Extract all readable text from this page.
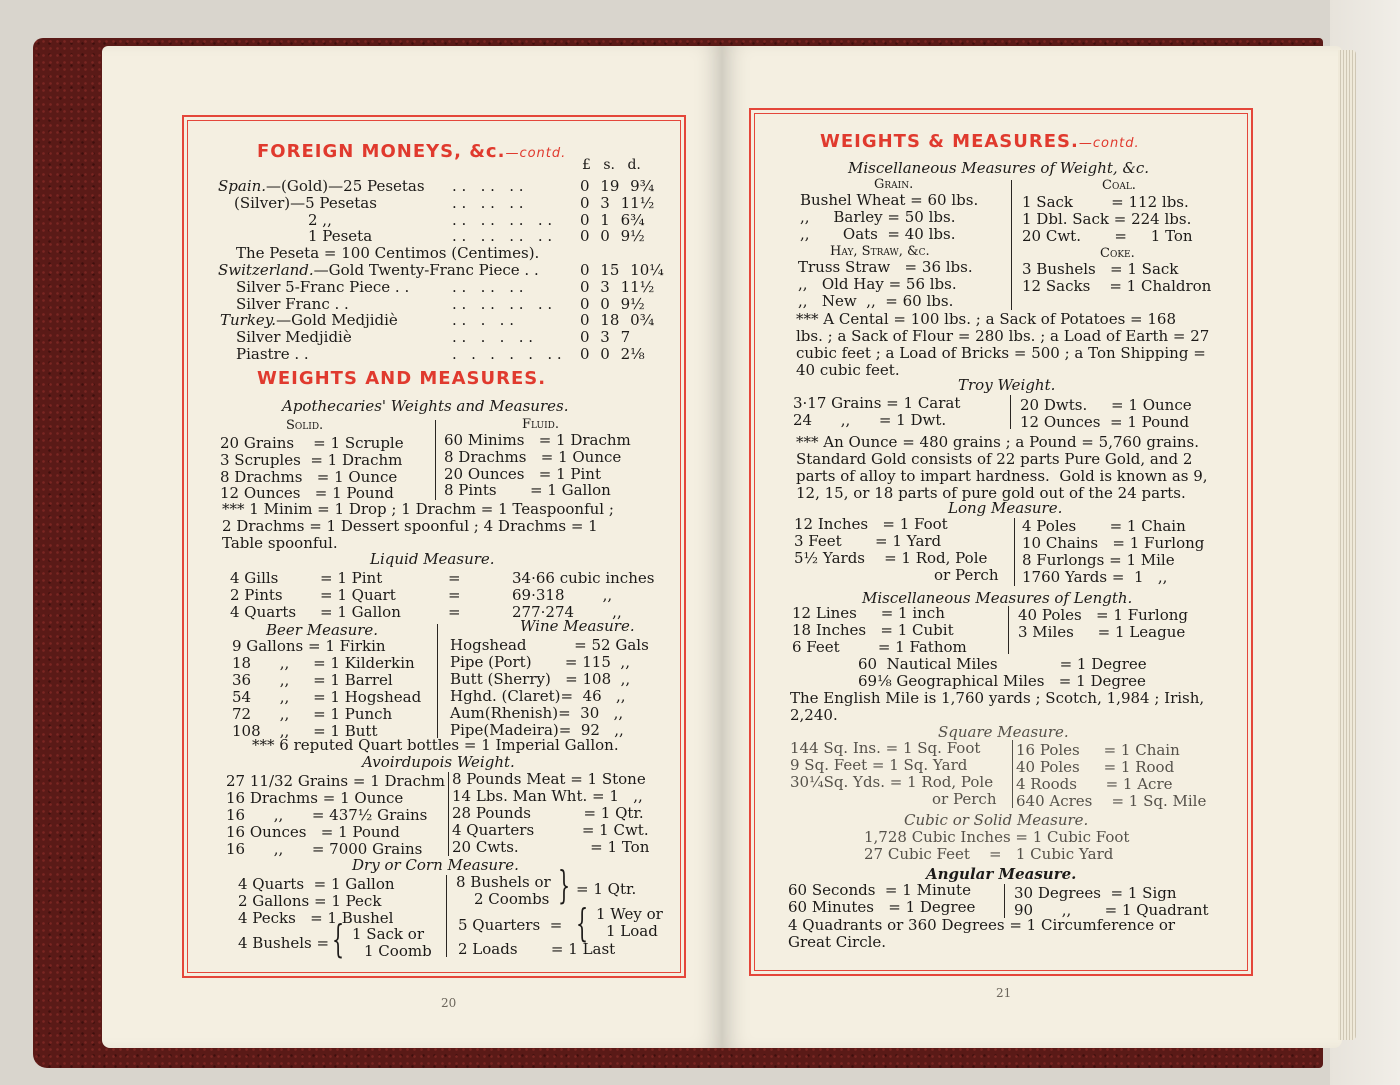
FOREIGN MONEYS, &c.—contd.
£ s. d.
Spain.—(Gold)—25 Pesetas . .   . .   . .	0 19 9¾
(Silver)—5 Pesetas	. .   . .   . .	0 3 11½
2 ,,	. .   . .   . .   . . 0 1 6¾
1 Peseta	. .   . .   . .   . . 0 0 9½
The Peseta = 100 Centimos (Centimes).
Switzerland.—Gold Twenty-Franc Piece . .	0 15 10¼
Silver 5-Franc Piece . .	. .   . .   . .	0 3 11½
Silver Franc . .	. .   . .   . .   . . 0 0 9½
Turkey.—Gold Medjidiè	. .   .   . .	0 18 0¾
Silver Medjidiè	. .   .   .   . .	0 3 7
Piastre . .	.   .   .   .   .   . . 0 0 2⅛
WEIGHTS AND MEASURES.
Apothecaries' Weights and Measures.
Solid.	Fluid.
20 Grains    = 1 Scruple
3 Scruples  = 1 Drachm
8 Drachms   = 1 Ounce
12 Ounces   = 1 Pound
60 Minims   = 1 Drachm
8 Drachms   = 1 Ounce
20 Ounces   = 1 Pint
8 Pints       = 1 Gallon
*** 1 Minim = 1 Drop ; 1 Drachm = 1 Teaspoonful ;
2 Drachms = 1 Dessert spoonful ; 4 Drachms = 1
Table spoonful.
Liquid Measure.
4 Gills	= 1 Pint	=	34·66 cubic inches
2 Pints = 1 Quart	=	69·318        ,,
4 Quarts = 1 Gallon	=	277·274        ,,
Beer Measure.	Wine Measure.
9 Gallons = 1 Firkin
18      ,,     = 1 Kilderkin
36      ,,     = 1 Barrel
54      ,,     = 1 Hogshead
72      ,,     = 1 Punch
108    ,,     = 1 Butt
Hogshead          = 52 Gals
Pipe (Port)       = 115  ,,
Butt (Sherry)   = 108  ,,
Hghd. (Claret)=  46   ,,
Aum(Rhenish)=  30   ,,
Pipe(Madeira)=  92   ,,
*** 6 reputed Quart bottles = 1 Imperial Gallon.
Avoirdupois Weight.
27 11/32 Grains = 1 Drachm
16 Drachms = 1 Ounce
16      ,,      = 437½ Grains
16 Ounces   = 1 Pound
16      ,,      = 7000 Grains
8 Pounds Meat = 1 Stone
14 Lbs. Man Wht. = 1   ,,
28 Pounds           = 1 Qtr.
4 Quarters          = 1 Cwt.
20 Cwts.               = 1 Ton
Dry or Corn Measure.
4 Quarts  = 1 Gallon
2 Gallons = 1 Peck
4 Pecks   = 1 Bushel
4 Bushels = { 1 Sack or
1 Coomb
8 Bushels or
2 Coombs } = 1 Qtr.
5 Quarters  = { 1 Wey or
1 Load
2 Loads       = 1 Last
20
WEIGHTS & MEASURES.—contd.
Miscellaneous Measures of Weight, &c.
Grain.	Coal.
Bushel Wheat = 60 lbs.
,,     Barley = 50 lbs.
,,       Oats  = 40 lbs.
Hay, Straw, &c.
Truss Straw   = 36 lbs.
,,   Old Hay = 56 lbs.
,,   New  ,,  = 60 lbs.
1 Sack        = 112 lbs.
1 Dbl. Sack = 224 lbs.
20 Cwt.       =     1 Ton
Coke.
3 Bushels   = 1 Sack
12 Sacks    = 1 Chaldron
*** A Cental = 100 lbs. ; a Sack of Potatoes = 168
lbs. ; a Sack of Flour = 280 lbs. ; a Load of Earth = 27
cubic feet ; a Load of Bricks = 500 ; a Ton Shipping =
40 cubic feet.
Troy Weight.
3·17 Grains = 1 Carat
24      ,,      = 1 Dwt.
20 Dwts.     = 1 Ounce
12 Ounces  = 1 Pound
*** An Ounce = 480 grains ; a Pound = 5,760 grains.
Standard Gold consists of 22 parts Pure Gold, and 2
parts of alloy to impart hardness.  Gold is known as 9,
12, 15, or 18 parts of pure gold out of the 24 parts.
Long Measure.
12 Inches   = 1 Foot
3 Feet       = 1 Yard
5½ Yards    = 1 Rod, Pole
or Perch
4 Poles       = 1 Chain
10 Chains   = 1 Furlong
8 Furlongs = 1 Mile
1760 Yards =  1   ,,
Miscellaneous Measures of Length.
12 Lines     = 1 inch
18 Inches   = 1 Cubit
6 Feet        = 1 Fathom
40 Poles   = 1 Furlong
3 Miles     = 1 League
60  Nautical Miles             = 1 Degree
69⅛ Geographical Miles   = 1 Degree
The English Mile is 1,760 yards ; Scotch, 1,984 ; Irish,
2,240.
Square Measure.
144 Sq. Ins. = 1 Sq. Foot
9 Sq. Feet = 1 Sq. Yard
30¼Sq. Yds. = 1 Rod, Pole
or Perch
16 Poles     = 1 Chain
40 Poles     = 1 Rood
4 Roods      = 1 Acre
640 Acres    = 1 Sq. Mile
Cubic or Solid Measure.
1,728 Cubic Inches = 1 Cubic Foot
27 Cubic Feet    =   1 Cubic Yard
Angular Measure.
60 Seconds  = 1 Minute
60 Minutes   = 1 Degree
30 Degrees  = 1 Sign
90      ,,       = 1 Quadrant
4 Quadrants or 360 Degrees = 1 Circumference or
Great Circle.
21
